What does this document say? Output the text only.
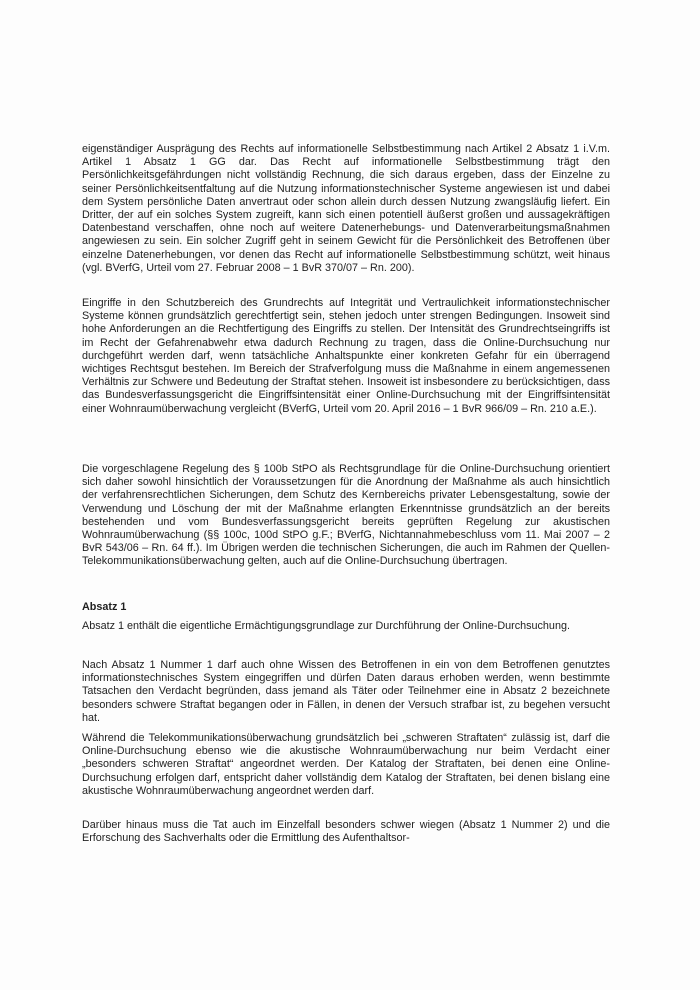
eigenständiger Ausprägung des Rechts auf informationelle Selbstbestimmung nach Artikel 2 Absatz 1 i.V.m. Artikel 1 Absatz 1 GG dar. Das Recht auf informationelle Selbstbestimmung trägt den Persönlichkeitsgefährdungen nicht vollständig Rechnung, die sich daraus ergeben, dass der Einzelne zu seiner Persönlichkeitsentfaltung auf die Nutzung informationstechnischer Systeme angewiesen ist und dabei dem System persönliche Daten anvertraut oder schon allein durch dessen Nutzung zwangsläufig liefert. Ein Dritter, der auf ein solches System zugreift, kann sich einen potentiell äußerst großen und aussagekräftigen Datenbestand verschaffen, ohne noch auf weitere Datenerhebungs- und Datenverarbeitungsmaßnahmen angewiesen zu sein. Ein solcher Zugriff geht in seinem Gewicht für die Persönlichkeit des Betroffenen über einzelne Datenerhebungen, vor denen das Recht auf informationelle Selbstbestimmung schützt, weit hinaus (vgl. BVerfG, Urteil vom 27. Februar 2008 – 1 BvR 370/07 – Rn. 200).

Eingriffe in den Schutzbereich des Grundrechts auf Integrität und Vertraulichkeit informationstechnischer Systeme können grundsätzlich gerechtfertigt sein, stehen jedoch unter strengen Bedingungen. Insoweit sind hohe Anforderungen an die Rechtfertigung des Eingriffs zu stellen. Der Intensität des Grundrechtseingriffs ist im Recht der Gefahrenabwehr etwa dadurch Rechnung zu tragen, dass die Online-Durchsuchung nur durchgeführt werden darf, wenn tatsächliche Anhaltspunkte einer konkreten Gefahr für ein überragend wichtiges Rechtsgut bestehen. Im Bereich der Strafverfolgung muss die Maßnahme in einem angemessenen Verhältnis zur Schwere und Bedeutung der Straftat stehen. Insoweit ist insbesondere zu berücksichtigen, dass das Bundesverfassungsgericht die Eingriffsintensität einer Online-Durchsuchung mit der Eingriffsintensität einer Wohnraumüberwachung vergleicht (BVerfG, Urteil vom 20. April 2016 – 1 BvR 966/09 – Rn. 210 a.E.).

Die vorgeschlagene Regelung des § 100b StPO als Rechtsgrundlage für die Online-Durchsuchung orientiert sich daher sowohl hinsichtlich der Voraussetzungen für die Anordnung der Maßnahme als auch hinsichtlich der verfahrensrechtlichen Sicherungen, dem Schutz des Kernbereichs privater Lebensgestaltung, sowie der Verwendung und Löschung der mit der Maßnahme erlangten Erkenntnisse grundsätzlich an der bereits bestehenden und vom Bundesverfassungsgericht bereits geprüften Regelung zur akustischen Wohnraumüberwachung (§§ 100c, 100d StPO g.F.; BVerfG, Nichtannahmebeschluss vom 11. Mai 2007 – 2 BvR 543/06 – Rn. 64 ff.). Im Übrigen werden die technischen Sicherungen, die auch im Rahmen der Quellen-Telekommunikationsüberwachung gelten, auch auf die Online-Durchsuchung übertragen.

Absatz 1

Absatz 1 enthält die eigentliche Ermächtigungsgrundlage zur Durchführung der Online-Durchsuchung.

Nach Absatz 1 Nummer 1 darf auch ohne Wissen des Betroffenen in ein von dem Betroffenen genutztes informationstechnisches System eingegriffen und dürfen Daten daraus erhoben werden, wenn bestimmte Tatsachen den Verdacht begründen, dass jemand als Täter oder Teilnehmer eine in Absatz 2 bezeichnete besonders schwere Straftat begangen oder in Fällen, in denen der Versuch strafbar ist, zu begehen versucht hat.

Während die Telekommunikationsüberwachung grundsätzlich bei „schweren Straftaten“ zulässig ist, darf die Online-Durchsuchung ebenso wie die akustische Wohnraumüberwachung nur beim Verdacht einer „besonders schweren Straftat“ angeordnet werden. Der Katalog der Straftaten, bei denen eine Online-Durchsuchung erfolgen darf, entspricht daher vollständig dem Katalog der Straftaten, bei denen bislang eine akustische Wohnraumüberwachung angeordnet werden darf.

Darüber hinaus muss die Tat auch im Einzelfall besonders schwer wiegen (Absatz 1 Nummer 2) und die Erforschung des Sachverhalts oder die Ermittlung des Aufenthaltsor-
